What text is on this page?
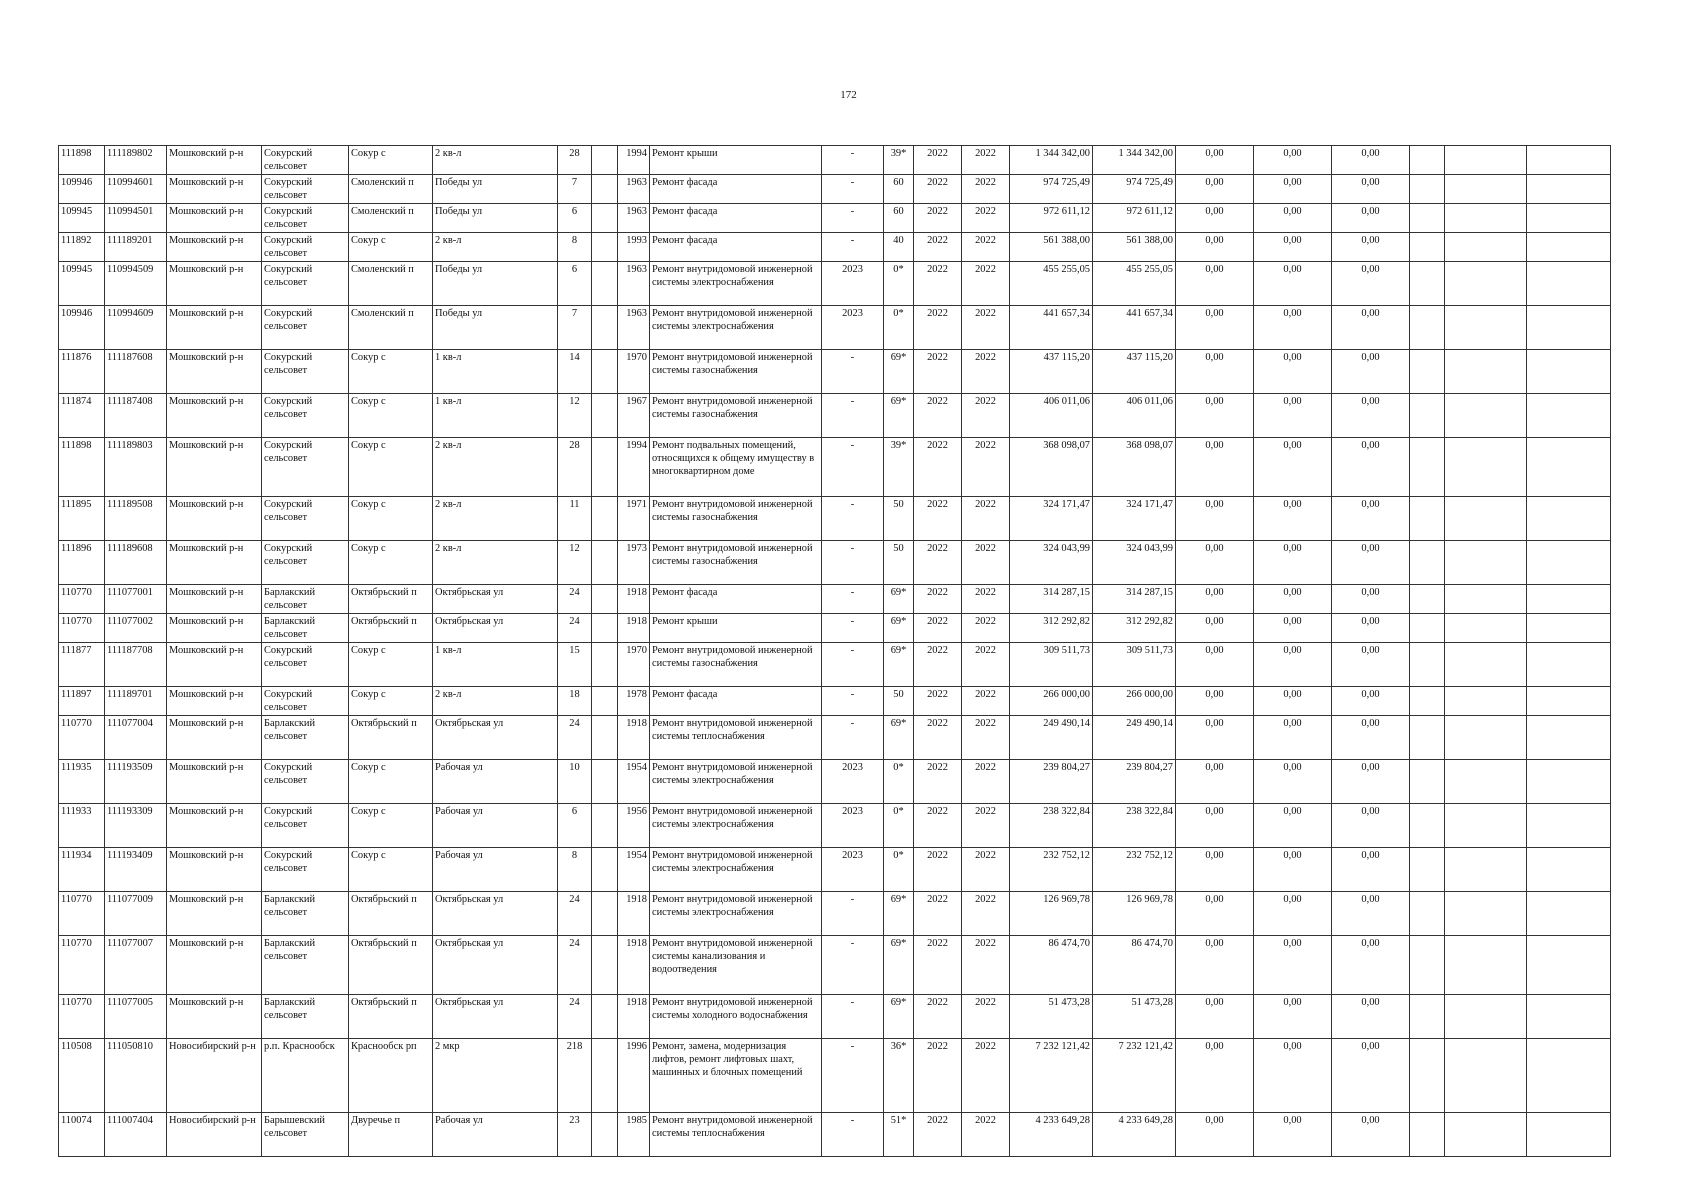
172
111898	111189802	Мошковский р-н	Сокурский сельсовет	Сокур с	2 кв-л	28		1994	Ремонт крыши	-	39*	2022	2022	1 344 342,00	1 344 342,00	0,00	0,00	0,00			
109946	110994601	Мошковский р-н	Сокурский сельсовет	Смоленский п	Победы ул	7		1963	Ремонт фасада	-	60	2022	2022	974 725,49	974 725,49	0,00	0,00	0,00			
109945	110994501	Мошковский р-н	Сокурский сельсовет	Смоленский п	Победы ул	6		1963	Ремонт фасада	-	60	2022	2022	972 611,12	972 611,12	0,00	0,00	0,00			
111892	111189201	Мошковский р-н	Сокурский сельсовет	Сокур с	2 кв-л	8		1993	Ремонт фасада	-	40	2022	2022	561 388,00	561 388,00	0,00	0,00	0,00			
109945	110994509	Мошковский р-н	Сокурский сельсовет	Смоленский п	Победы ул	6		1963	Ремонт внутридомовой инженерной системы электроснабжения	2023	0*	2022	2022	455 255,05	455 255,05	0,00	0,00	0,00			
109946	110994609	Мошковский р-н	Сокурский сельсовет	Смоленский п	Победы ул	7		1963	Ремонт внутридомовой инженерной системы электроснабжения	2023	0*	2022	2022	441 657,34	441 657,34	0,00	0,00	0,00			
111876	111187608	Мошковский р-н	Сокурский сельсовет	Сокур с	1 кв-л	14		1970	Ремонт внутридомовой инженерной системы газоснабжения	-	69*	2022	2022	437 115,20	437 115,20	0,00	0,00	0,00			
111874	111187408	Мошковский р-н	Сокурский сельсовет	Сокур с	1 кв-л	12		1967	Ремонт внутридомовой инженерной системы газоснабжения	-	69*	2022	2022	406 011,06	406 011,06	0,00	0,00	0,00			
111898	111189803	Мошковский р-н	Сокурский сельсовет	Сокур с	2 кв-л	28		1994	Ремонт подвальных помещений, относящихся к общему имуществу в многоквартирном доме	-	39*	2022	2022	368 098,07	368 098,07	0,00	0,00	0,00			
111895	111189508	Мошковский р-н	Сокурский сельсовет	Сокур с	2 кв-л	11		1971	Ремонт внутридомовой инженерной системы газоснабжения	-	50	2022	2022	324 171,47	324 171,47	0,00	0,00	0,00			
111896	111189608	Мошковский р-н	Сокурский сельсовет	Сокур с	2 кв-л	12		1973	Ремонт внутридомовой инженерной системы газоснабжения	-	50	2022	2022	324 043,99	324 043,99	0,00	0,00	0,00			
110770	111077001	Мошковский р-н	Барлакский сельсовет	Октябрьский п	Октябрьская ул	24		1918	Ремонт фасада	-	69*	2022	2022	314 287,15	314 287,15	0,00	0,00	0,00			
110770	111077002	Мошковский р-н	Барлакский сельсовет	Октябрьский п	Октябрьская ул	24		1918	Ремонт крыши	-	69*	2022	2022	312 292,82	312 292,82	0,00	0,00	0,00			
111877	111187708	Мошковский р-н	Сокурский сельсовет	Сокур с	1 кв-л	15		1970	Ремонт внутридомовой инженерной системы газоснабжения	-	69*	2022	2022	309 511,73	309 511,73	0,00	0,00	0,00			
111897	111189701	Мошковский р-н	Сокурский сельсовет	Сокур с	2 кв-л	18		1978	Ремонт фасада	-	50	2022	2022	266 000,00	266 000,00	0,00	0,00	0,00			
110770	111077004	Мошковский р-н	Барлакский сельсовет	Октябрьский п	Октябрьская ул	24		1918	Ремонт внутридомовой инженерной системы теплоснабжения	-	69*	2022	2022	249 490,14	249 490,14	0,00	0,00	0,00			
111935	111193509	Мошковский р-н	Сокурский сельсовет	Сокур с	Рабочая ул	10		1954	Ремонт внутридомовой инженерной системы электроснабжения	2023	0*	2022	2022	239 804,27	239 804,27	0,00	0,00	0,00			
111933	111193309	Мошковский р-н	Сокурский сельсовет	Сокур с	Рабочая ул	6		1956	Ремонт внутридомовой инженерной системы электроснабжения	2023	0*	2022	2022	238 322,84	238 322,84	0,00	0,00	0,00			
111934	111193409	Мошковский р-н	Сокурский сельсовет	Сокур с	Рабочая ул	8		1954	Ремонт внутридомовой инженерной системы электроснабжения	2023	0*	2022	2022	232 752,12	232 752,12	0,00	0,00	0,00			
110770	111077009	Мошковский р-н	Барлакский сельсовет	Октябрьский п	Октябрьская ул	24		1918	Ремонт внутридомовой инженерной системы электроснабжения	-	69*	2022	2022	126 969,78	126 969,78	0,00	0,00	0,00			
110770	111077007	Мошковский р-н	Барлакский сельсовет	Октябрьский п	Октябрьская ул	24		1918	Ремонт внутридомовой инженерной системы канализования и водоотведения	-	69*	2022	2022	86 474,70	86 474,70	0,00	0,00	0,00			
110770	111077005	Мошковский р-н	Барлакский сельсовет	Октябрьский п	Октябрьская ул	24		1918	Ремонт внутридомовой инженерной системы холодного водоснабжения	-	69*	2022	2022	51 473,28	51 473,28	0,00	0,00	0,00			
110508	111050810	Новосибирский р-н	р.п. Краснообск	Краснообск рп	2 мкр	218		1996	Ремонт, замена, модернизация лифтов, ремонт лифтовых шахт, машинных и блочных помещений	-	36*	2022	2022	7 232 121,42	7 232 121,42	0,00	0,00	0,00			
110074	111007404	Новосибирский р-н	Барышевский сельсовет	Двуречье п	Рабочая ул	23		1985	Ремонт внутридомовой инженерной системы теплоснабжения	-	51*	2022	2022	4 233 649,28	4 233 649,28	0,00	0,00	0,00			
